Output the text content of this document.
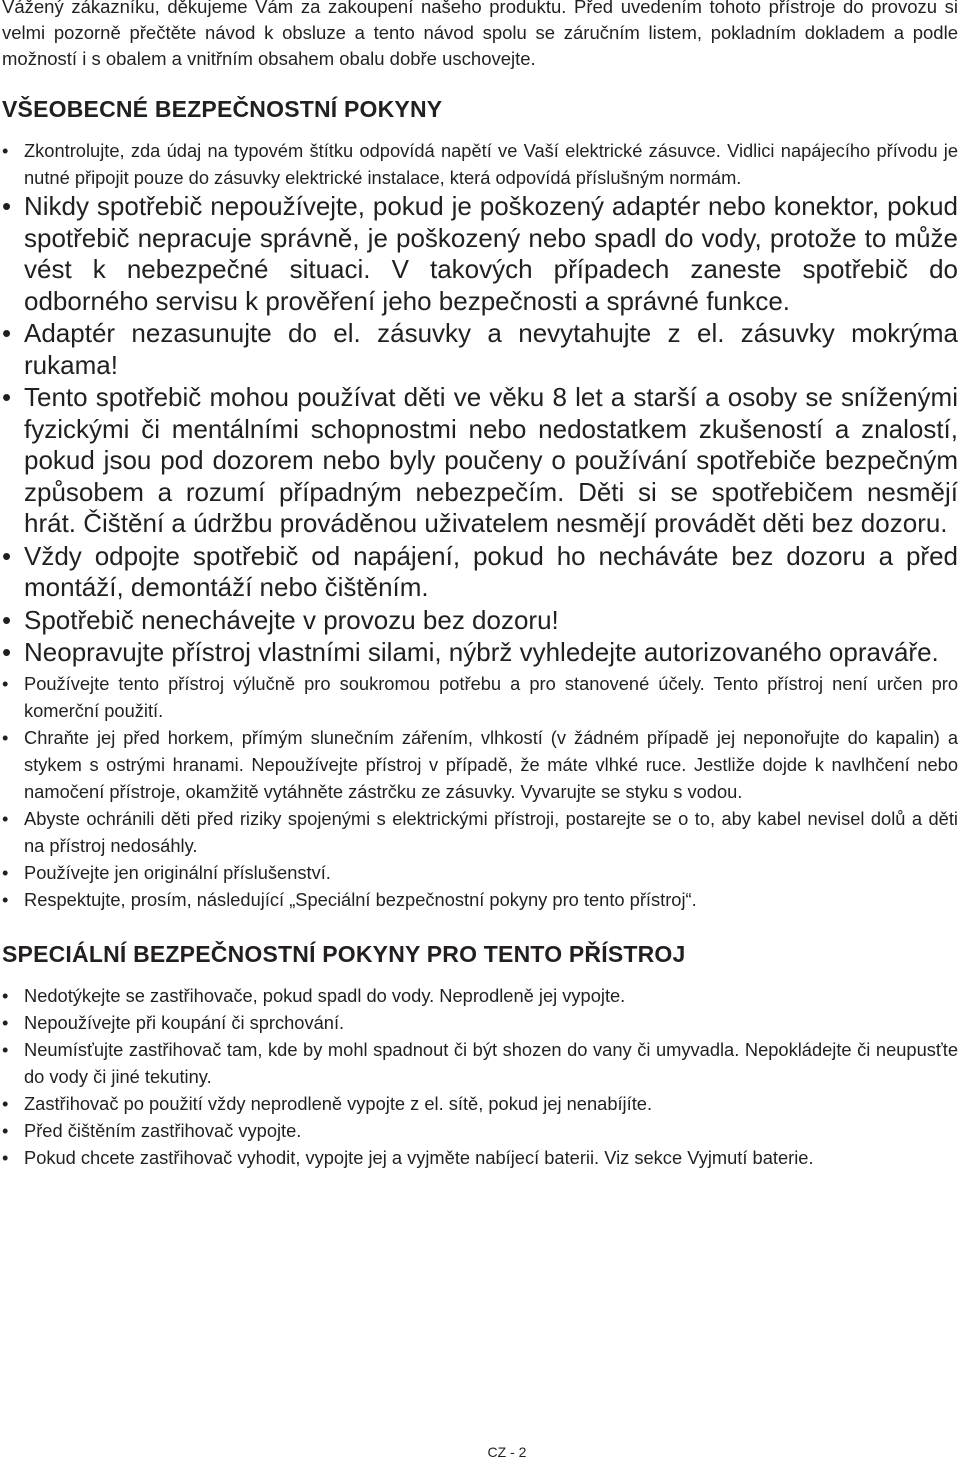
Vážený zákazníku, děkujeme Vám za zakoupení našeho produktu. Před uvedením tohoto přístroje do provozu si velmi pozorně přečtěte návod k obsluze a tento návod spolu se záručním listem, pokladním dokladem a podle možností i s obalem a vnitřním obsahem obalu dobře uschovejte.

VŠEOBECNÉ BEZPEČNOSTNÍ POKYNY
• Zkontrolujte, zda údaj na typovém štítku odpovídá napětí ve Vaší elektrické zásuvce. Vidlici napájecího přívodu je nutné připojit pouze do zásuvky elektrické instalace, která odpovídá příslušným normám.
• Nikdy spotřebič nepoužívejte, pokud je poškozený adaptér nebo konektor, pokud spotřebič nepracuje správně, je poškozený nebo spadl do vody, protože to může vést k nebezpečné situaci. V takových případech zaneste spotřebič do odborného servisu k prověření jeho bezpečnosti a správné funkce.
• Adaptér nezasunujte do el. zásuvky a nevytahujte z el. zásuvky mokrýma rukama!
• Tento spotřebič mohou používat děti ve věku 8 let a starší a osoby se sníženými fyzickými či mentálními schopnostmi nebo nedostatkem zkušeností a znalostí, pokud jsou pod dozorem nebo byly poučeny o používání spotřebiče bezpečným způsobem a rozumí případným nebezpečím. Děti si se spotřebičem nesmějí hrát. Čištění a údržbu prováděnou uživatelem nesmějí provádět děti bez dozoru.
• Vždy odpojte spotřebič od napájení, pokud ho necháváte bez dozoru a před montáží, demontáží nebo čištěním.
• Spotřebič nenechávejte v provozu bez dozoru!
• Neopravujte přístroj vlastními silami, nýbrž vyhledejte autorizovaného opraváře.
• Používejte tento přístroj výlučně pro soukromou potřebu a pro stanovené účely. Tento přístroj není určen pro komerční použití.
• Chraňte jej před horkem, přímým slunečním zářením, vlhkostí (v žádném případě jej neponořujte do kapalin) a stykem s ostrými hranami. Nepoužívejte přístroj v případě, že máte vlhké ruce. Jestliže dojde k navlhčení nebo namočení přístroje, okamžitě vytáhněte zástrčku ze zásuvky. Vyvarujte se styku s vodou.
• Abyste ochránili děti před riziky spojenými s elektrickými přístroji, postarejte se o to, aby kabel nevisel dolů a děti na přístroj nedosáhly.
• Používejte jen originální příslušenství.
• Respektujte, prosím, následující „Speciální bezpečnostní pokyny pro tento přístroj“.
SPECIÁLNÍ BEZPEČNOSTNÍ POKYNY PRO TENTO PŘÍSTROJ
• Nedotýkejte se zastřihovače, pokud spadl do vody. Neprodleně jej vypojte.
• Nepoužívejte při koupání či sprchování.
• Neumísťujte zastřihovač tam, kde by mohl spadnout či být shozen do vany či umyvadla. Nepokládejte či neupusťte do vody či jiné tekutiny.
• Zastřihovač po použití vždy neprodleně vypojte z el. sítě, pokud jej nenabíjíte.
• Před čištěním zastřihovač vypojte.
• Pokud chcete zastřihovač vyhodit, vypojte jej a vyjměte nabíjecí baterii. Viz sekce Vyjmutí baterie.
CZ - 2
